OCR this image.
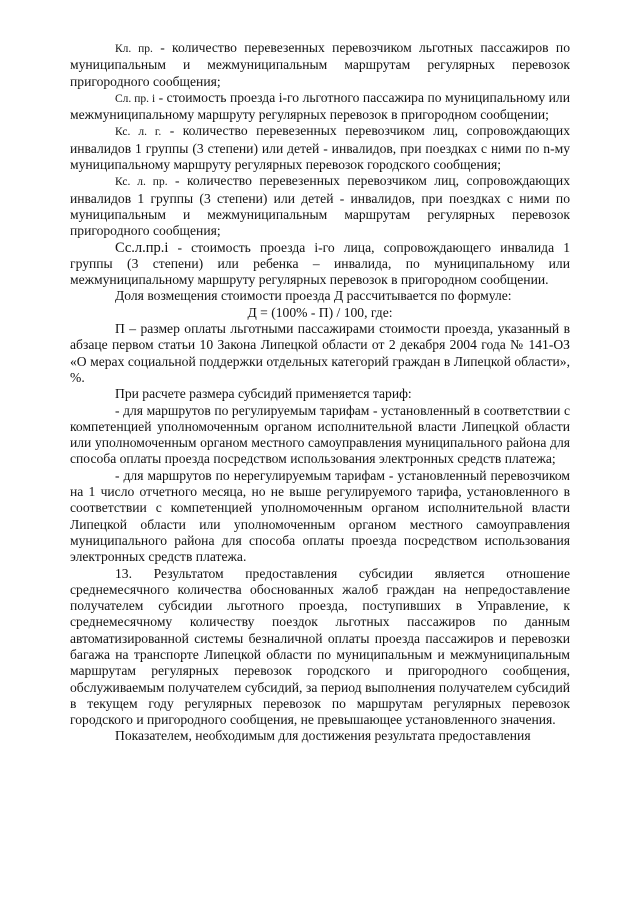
Кл. пр. - количество перевезенных перевозчиком льготных пассажиров по муниципальным и межмуниципальным маршрутам регулярных перевозок пригородного сообщения;

Сл. пр. i - стоимость проезда i-го льготного пассажира по муниципальному или межмуниципальному маршруту регулярных перевозок в пригородном сообщении;

Кс. л. г. - количество перевезенных перевозчиком лиц, сопровождающих инвалидов 1 группы (3 степени) или детей - инвалидов, при поездках с ними по n-му муниципальному маршруту регулярных перевозок городского сообщения;

Кс. л. пр. - количество перевезенных перевозчиком лиц, сопровождающих инвалидов 1 группы (3 степени) или детей - инвалидов, при поездках с ними по муниципальным и межмуниципальным маршрутам регулярных перевозок пригородного сообщения;

Сс.л.пр.i - стоимость проезда i-го лица, сопровождающего инвалида 1 группы (3 степени) или ребенка – инвалида, по муниципальному или межмуниципальному маршруту регулярных перевозок в пригородном сообщении.

Доля возмещения стоимости проезда Д рассчитывается по формуле:

Д = (100% - П) / 100, где:

П – размер оплаты льготными пассажирами стоимости проезда, указанный в абзаце первом статьи 10 Закона Липецкой области от 2 декабря 2004 года № 141-ОЗ «О мерах социальной поддержки отдельных категорий граждан в Липецкой области», %.

При расчете размера субсидий применяется тариф:

- для маршрутов по регулируемым тарифам - установленный в соответствии с компетенцией уполномоченным органом исполнительной власти Липецкой области или уполномоченным органом местного самоуправления муниципального района для способа оплаты проезда посредством использования электронных средств платежа;

- для маршрутов по нерегулируемым тарифам - установленный перевозчиком на 1 число отчетного месяца, но не выше регулируемого тарифа, установленного в соответствии с компетенцией уполномоченным органом исполнительной власти Липецкой области или уполномоченным органом местного самоуправления муниципального района для способа оплаты проезда посредством использования электронных средств платежа.

13. Результатом предоставления субсидии является отношение среднемесячного количества обоснованных жалоб граждан на непредоставление получателем субсидии льготного проезда, поступивших в Управление, к среднемесячному количеству поездок льготных пассажиров по данным автоматизированной системы безналичной оплаты проезда пассажиров и перевозки багажа на транспорте Липецкой области по муниципальным и межмуниципальным маршрутам регулярных перевозок городского и пригородного сообщения, обслуживаемым получателем субсидий, за период выполнения получателем субсидий в текущем году регулярных перевозок по маршрутам регулярных перевозок городского и пригородного сообщения, не превышающее установленного значения.

Показателем, необходимым для достижения результата предоставления
